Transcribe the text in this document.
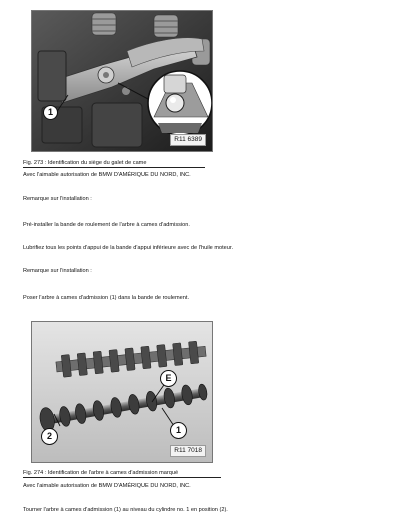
1
R11 6389
Fig. 273 : Identification du siège du galet de came
Avec l'aimable autorisation de BMW D'AMÉRIQUE DU NORD, INC.
Remarque sur l'installation :
Pré-installer la bande de roulement de l'arbre à cames d'admission.
Lubrifiez tous les points d'appui de la bande d'appui inférieure avec de l'huile moteur.
Remarque sur l'installation :
Poser l'arbre à cames d'admission (1) dans la bande de roulement.
E
2
1
R11 7018
Fig. 274 : Identification de l'arbre à cames d'admission marqué
Avec l'aimable autorisation de BMW D'AMÉRIQUE DU NORD, INC.
Tourner l'arbre à cames d'admission (1) au niveau du cylindre no. 1 en position (2).
